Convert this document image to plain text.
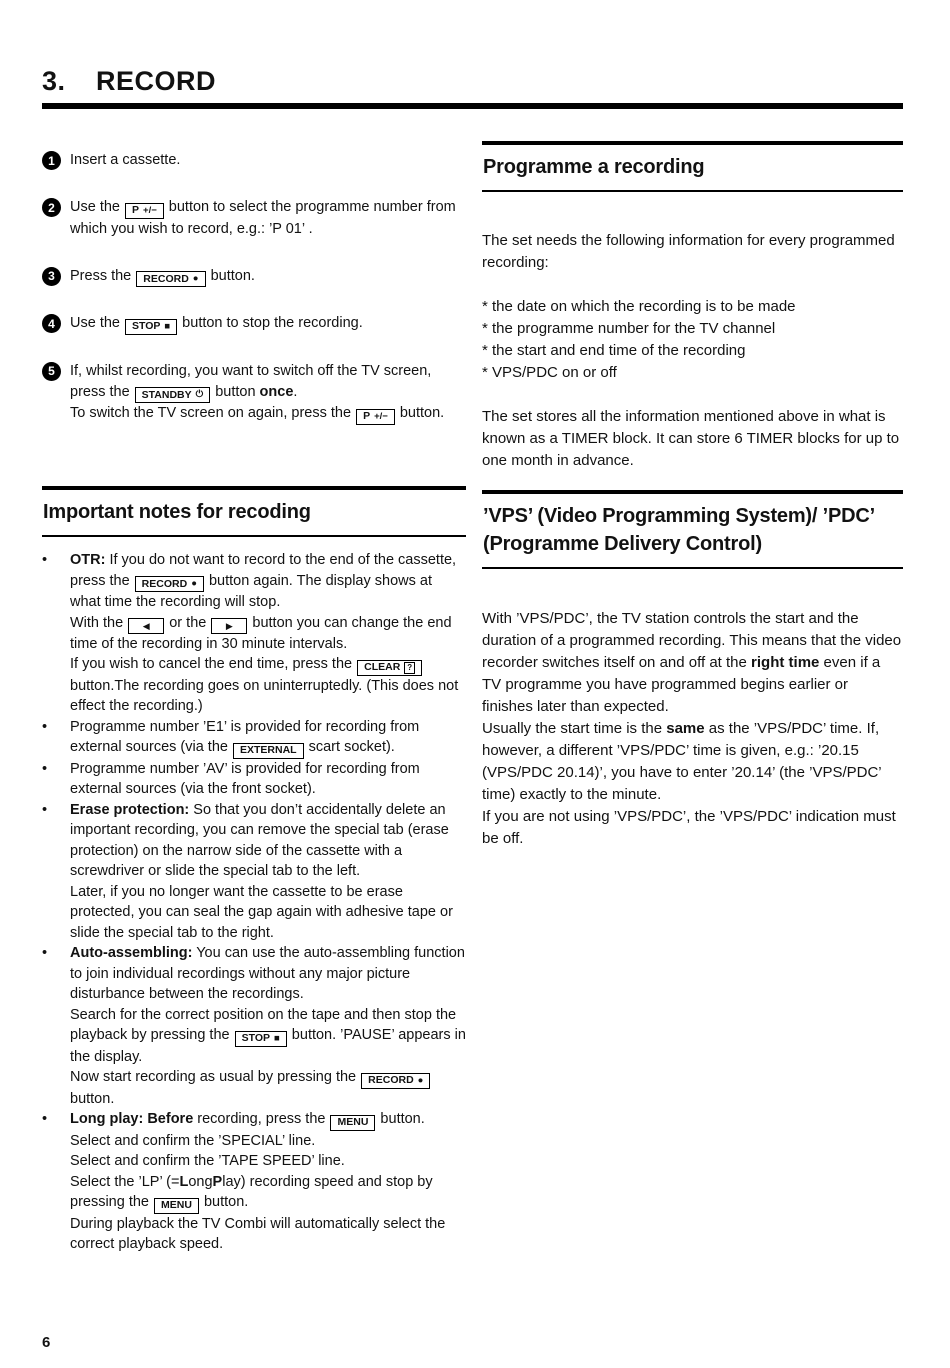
3. RECORD
1	Insert a cassette.
2	Use the P +/− button to select the programme number from which you wish to record, e.g.: ’P 01’ .
3	Press the RECORD ● button.
4	Use the STOP ■ button to stop the recording.
5	If, whilst recording, you want to switch off the TV screen, press the STANDBY ⏻ button once.
To switch the TV screen on again, press the P +/− button.
Important notes for recoding
•	OTR: If you do not want to record to the end of the cassette, press the RECORD ● button again. The display shows at what time the recording will stop.
With the ◀ or the ▶ button you can change the end time of the recording in 30 minute intervals.
If you wish to cancel the end time, press the CLEAR ?
button.The recording goes on uninterruptedly. (This does not effect the recording.)
•	Programme number ’E1’ is provided for recording from external sources (via the EXTERNAL scart socket).
•	Programme number ’AV’ is provided for recording from external sources (via the front socket).
•	Erase protection: So that you don’t accidentally delete an important recording, you can remove the special tab (erase protection) on the narrow side of the cassette with a screwdriver or slide the special tab to the left.
Later, if you no longer want the cassette to be erase protected, you can seal the gap again with adhesive tape or slide the special tab to the right.
•	Auto-assembling: You can use the auto-assembling function to join individual recordings without any major picture disturbance between the recordings.
Search for the correct position on the tape and then stop the playback by pressing the STOP ■ button. ’PAUSE’ appears in the display.
Now start recording as usual by pressing the RECORD ●
button.
•	Long play: Before recording, press the MENU button.
Select and confirm the ’SPECIAL’ line.
Select and confirm the ’TAPE SPEED’ line.
Select the ’LP’ (=LongPlay) recording speed and stop by pressing the MENU button.
During playback the TV Combi will automatically select the correct playback speed.
Programme a recording

The set needs the following information for every programmed recording:

* the date on which the recording is to be made
* the programme number for the TV channel
* the start and end time of the recording
* VPS/PDC on or off

The set stores all the information mentioned above in what is known as a TIMER block. It can store 6 TIMER blocks for up to one month in advance.

’VPS’ (Video Programming System)/ ’PDC’ (Programme Delivery Control)

With ’VPS/PDC’, the TV station controls the start and the duration of a programmed recording. This means that the video recorder switches itself on and off at the right time even if a TV programme you have programmed begins earlier or finishes later than expected.
Usually the start time is the same as the ’VPS/PDC’ time. If, however, a different ’VPS/PDC’ time is given, e.g.: ’20.15 (VPS/PDC 20.14)’, you have to enter ’20.14’ (the ’VPS/PDC’ time) exactly to the minute.
If you are not using ’VPS/PDC’, the ’VPS/PDC’ indication must be off.

6
